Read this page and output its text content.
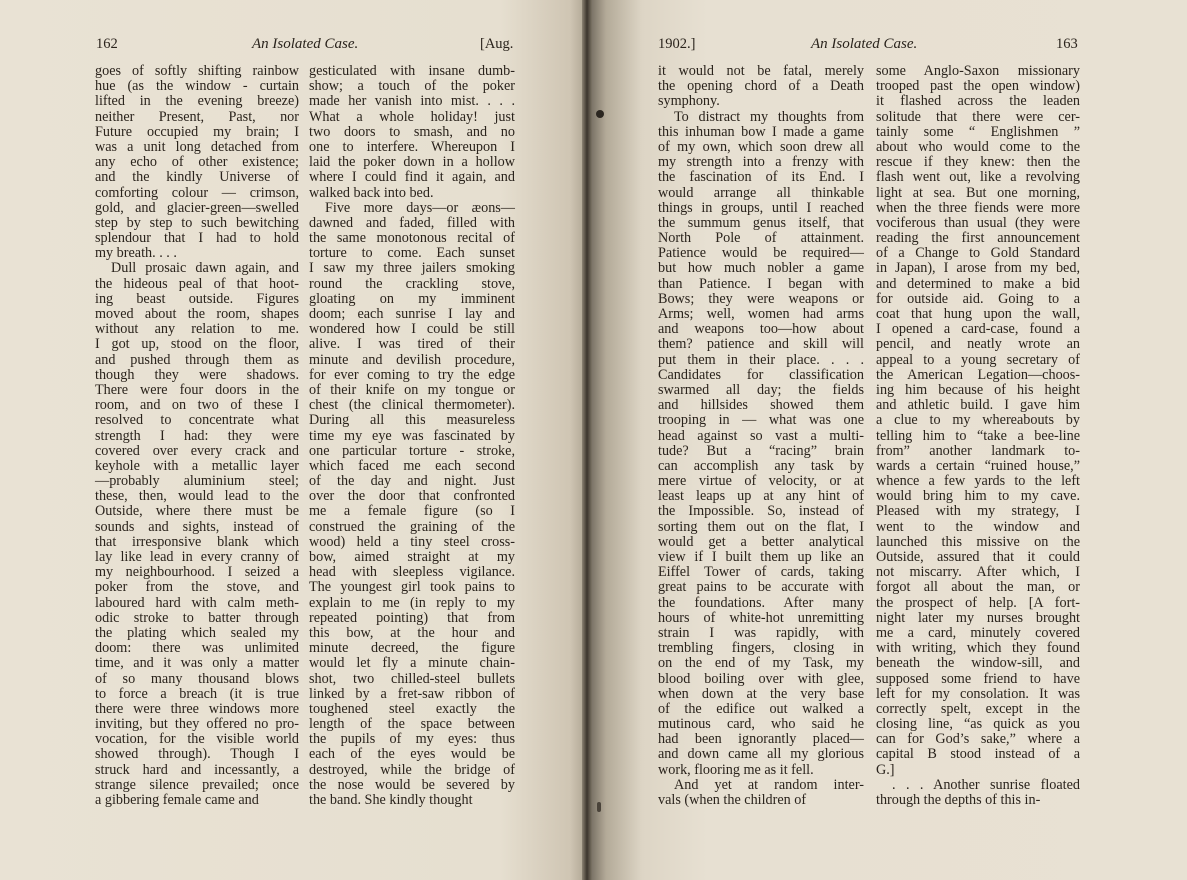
162	An Isolated Case.	[Aug.
goes of softly shifting rainbow
hue (as the window - curtain
lifted in the evening breeze)
neither Present, Past, nor
Future occupied my brain; I
was a unit long detached from
any echo of other existence;
and the kindly Universe of
comforting colour — crimson,
gold, and glacier-green—swelled
step by step to such bewitching
splendour that I had to hold
my breath. . . .
Dull prosaic dawn again, and
the hideous peal of that hoot-
ing beast outside. Figures
moved about the room, shapes
without any relation to me.
I got up, stood on the floor,
and pushed through them as
though they were shadows.
There were four doors in the
room, and on two of these I
resolved to concentrate what
strength I had: they were
covered over every crack and
keyhole with a metallic layer
—probably aluminium steel;
these, then, would lead to the
Outside, where there must be
sounds and sights, instead of
that irresponsive blank which
lay like lead in every cranny of
my neighbourhood. I seized a
poker from the stove, and
laboured hard with calm meth-
odic stroke to batter through
the plating which sealed my
doom: there was unlimited
time, and it was only a matter
of so many thousand blows
to force a breach (it is true
there were three windows more
inviting, but they offered no pro-
vocation, for the visible world
showed through). Though I
struck hard and incessantly, a
strange silence prevailed; once
a gibbering female came and
gesticulated with insane dumb-
show; a touch of the poker
made her vanish into mist. . . .
What a whole holiday! just
two doors to smash, and no
one to interfere. Whereupon I
laid the poker down in a hollow
where I could find it again, and
walked back into bed.
Five more days—or æons—
dawned and faded, filled with
the same monotonous recital of
torture to come. Each sunset
I saw my three jailers smoking
round the crackling stove,
gloating on my imminent
doom; each sunrise I lay and
wondered how I could be still
alive. I was tired of their
minute and devilish procedure,
for ever coming to try the edge
of their knife on my tongue or
chest (the clinical thermometer).
During all this measureless
time my eye was fascinated by
one particular torture - stroke,
which faced me each second
of the day and night. Just
over the door that confronted
me a female figure (so I
construed the graining of the
wood) held a tiny steel cross-
bow, aimed straight at my
head with sleepless vigilance.
The youngest girl took pains to
explain to me (in reply to my
repeated pointing) that from
this bow, at the hour and
minute decreed, the figure
would let fly a minute chain-
shot, two chilled-steel bullets
linked by a fret-saw ribbon of
toughened steel exactly the
length of the space between
the pupils of my eyes: thus
each of the eyes would be
destroyed, while the bridge of
the nose would be severed by
the band. She kindly thought
1902.]	An Isolated Case.	163
it would not be fatal, merely
the opening chord of a Death
symphony.
To distract my thoughts from
this inhuman bow I made a game
of my own, which soon drew all
my strength into a frenzy with
the fascination of its End. I
would arrange all thinkable
things in groups, until I reached
the summum genus itself, that
North Pole of attainment.
Patience would be required—
but how much nobler a game
than Patience. I began with
Bows; they were weapons or
Arms; well, women had arms
and weapons too—how about
them? patience and skill will
put them in their place. . . .
Candidates for classification
swarmed all day; the fields
and hillsides showed them
trooping in — what was one
head against so vast a multi-
tude? But a “racing” brain
can accomplish any task by
mere virtue of velocity, or at
least leaps up at any hint of
the Impossible. So, instead of
sorting them out on the flat, I
would get a better analytical
view if I built them up like an
Eiffel Tower of cards, taking
great pains to be accurate with
the foundations. After many
hours of white-hot unremitting
strain I was rapidly, with
trembling fingers, closing in
on the end of my Task, my
blood boiling over with glee,
when down at the very base
of the edifice out walked a
mutinous card, who said he
had been ignorantly placed—
and down came all my glorious
work, flooring me as it fell.
And yet at random inter-
vals (when the children of
some Anglo-Saxon missionary
trooped past the open window)
it flashed across the leaden
solitude that there were cer-
tainly some “ Englishmen ”
about who would come to the
rescue if they knew: then the
flash went out, like a revolving
light at sea. But one morning,
when the three fiends were more
vociferous than usual (they were
reading the first announcement
of a Change to Gold Standard
in Japan), I arose from my bed,
and determined to make a bid
for outside aid. Going to a
coat that hung upon the wall,
I opened a card-case, found a
pencil, and neatly wrote an
appeal to a young secretary of
the American Legation—choos-
ing him because of his height
and athletic build. I gave him
a clue to my whereabouts by
telling him to “take a bee-line
from” another landmark to-
wards a certain “ruined house,”
whence a few yards to the left
would bring him to my cave.
Pleased with my strategy, I
went to the window and
launched this missive on the
Outside, assured that it could
not miscarry. After which, I
forgot all about the man, or
the prospect of help. [A fort-
night later my nurses brought
me a card, minutely covered
with writing, which they found
beneath the window-sill, and
supposed some friend to have
left for my consolation. It was
correctly spelt, except in the
closing line, “as quick as you
can for God’s sake,” where a
capital B stood instead of a
G.]
. . . Another sunrise floated
through the depths of this in-
